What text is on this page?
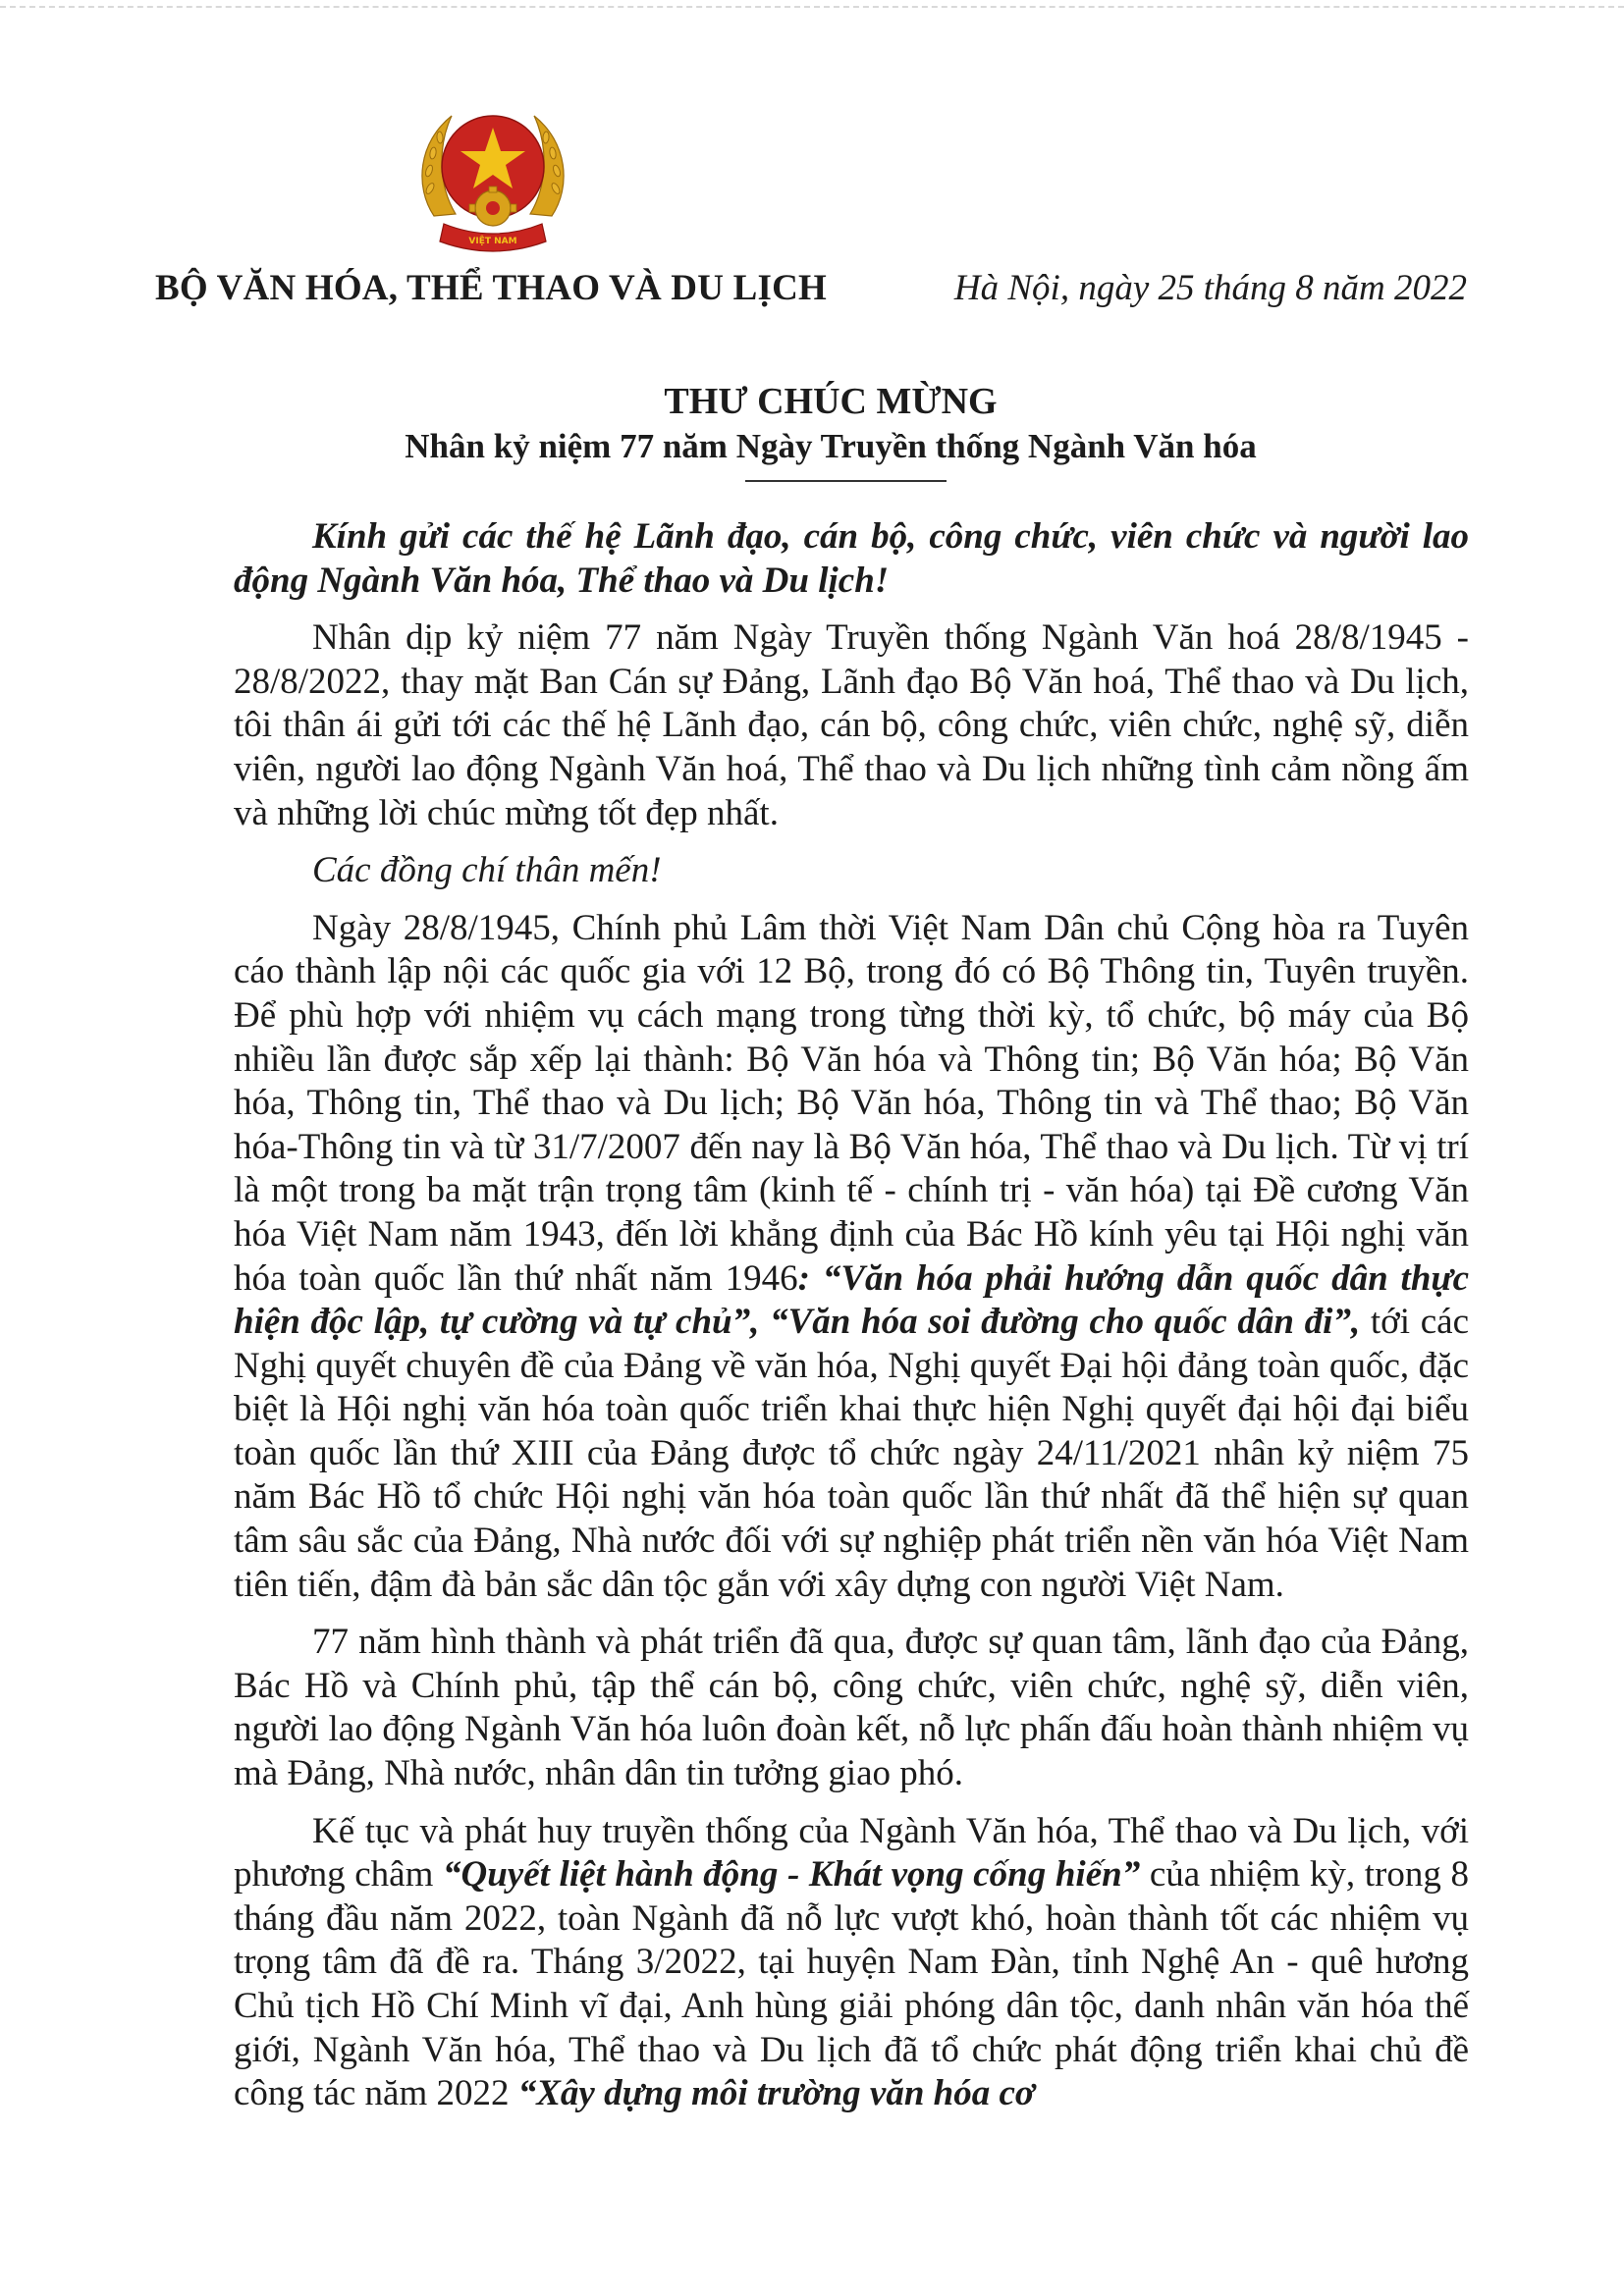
VIỆT NAM
BỘ VĂN HÓA, THỂ THAO VÀ DU LỊCH	Hà Nội, ngày 25 tháng 8 năm 2022
THƯ CHÚC MỪNG
Nhân kỷ niệm 77 năm Ngày Truyền thống Ngành Văn hóa

Kính gửi các thế hệ Lãnh đạo, cán bộ, công chức, viên chức và người lao động Ngành Văn hóa, Thể thao và Du lịch!

Nhân dịp kỷ niệm 77 năm Ngày Truyền thống Ngành Văn hoá 28/8/1945 - 28/8/2022, thay mặt Ban Cán sự Đảng, Lãnh đạo Bộ Văn hoá, Thể thao và Du lịch, tôi thân ái gửi tới các thế hệ Lãnh đạo, cán bộ, công chức, viên chức, nghệ sỹ, diễn viên, người lao động Ngành Văn hoá, Thể thao và Du lịch những tình cảm nồng ấm và những lời chúc mừng tốt đẹp nhất.

Các đồng chí thân mến!

Ngày 28/8/1945, Chính phủ Lâm thời Việt Nam Dân chủ Cộng hòa ra Tuyên cáo thành lập nội các quốc gia với 12 Bộ, trong đó có Bộ Thông tin, Tuyên truyền. Để phù hợp với nhiệm vụ cách mạng trong từng thời kỳ, tổ chức, bộ máy của Bộ nhiều lần được sắp xếp lại thành: Bộ Văn hóa và Thông tin; Bộ Văn hóa; Bộ Văn hóa, Thông tin, Thể thao và Du lịch; Bộ Văn hóa, Thông tin và Thể thao; Bộ Văn hóa-Thông tin và từ 31/7/2007 đến nay là Bộ Văn hóa, Thể thao và Du lịch. Từ vị trí là một trong ba mặt trận trọng tâm (kinh tế - chính trị - văn hóa) tại Đề cương Văn hóa Việt Nam năm 1943, đến lời khẳng định của Bác Hồ kính yêu tại Hội nghị văn hóa toàn quốc lần thứ nhất năm 1946: “Văn hóa phải hướng dẫn quốc dân thực hiện độc lập, tự cường và tự chủ”, “Văn hóa soi đường cho quốc dân đi”, tới các Nghị quyết chuyên đề của Đảng về văn hóa, Nghị quyết Đại hội đảng toàn quốc, đặc biệt là Hội nghị văn hóa toàn quốc triển khai thực hiện Nghị quyết đại hội đại biểu toàn quốc lần thứ XIII của Đảng được tổ chức ngày 24/11/2021 nhân kỷ niệm 75 năm Bác Hồ tổ chức Hội nghị văn hóa toàn quốc lần thứ nhất đã thể hiện sự quan tâm sâu sắc của Đảng, Nhà nước đối với sự nghiệp phát triển nền văn hóa Việt Nam tiên tiến, đậm đà bản sắc dân tộc gắn với xây dựng con người Việt Nam.

77 năm hình thành và phát triển đã qua, được sự quan tâm, lãnh đạo của Đảng, Bác Hồ và Chính phủ, tập thể cán bộ, công chức, viên chức, nghệ sỹ, diễn viên, người lao động Ngành Văn hóa luôn đoàn kết, nỗ lực phấn đấu hoàn thành nhiệm vụ mà Đảng, Nhà nước, nhân dân tin tưởng giao phó.

Kế tục và phát huy truyền thống của Ngành Văn hóa, Thể thao và Du lịch, với phương châm “Quyết liệt hành động - Khát vọng cống hiến” của nhiệm kỳ, trong 8 tháng đầu năm 2022, toàn Ngành đã nỗ lực vượt khó, hoàn thành tốt các nhiệm vụ trọng tâm đã đề ra. Tháng 3/2022, tại huyện Nam Đàn, tỉnh Nghệ An - quê hương Chủ tịch Hồ Chí Minh vĩ đại, Anh hùng giải phóng dân tộc, danh nhân văn hóa thế giới, Ngành Văn hóa, Thể thao và Du lịch đã tổ chức phát động triển khai chủ đề công tác năm 2022 “Xây dựng môi trường văn hóa cơ
